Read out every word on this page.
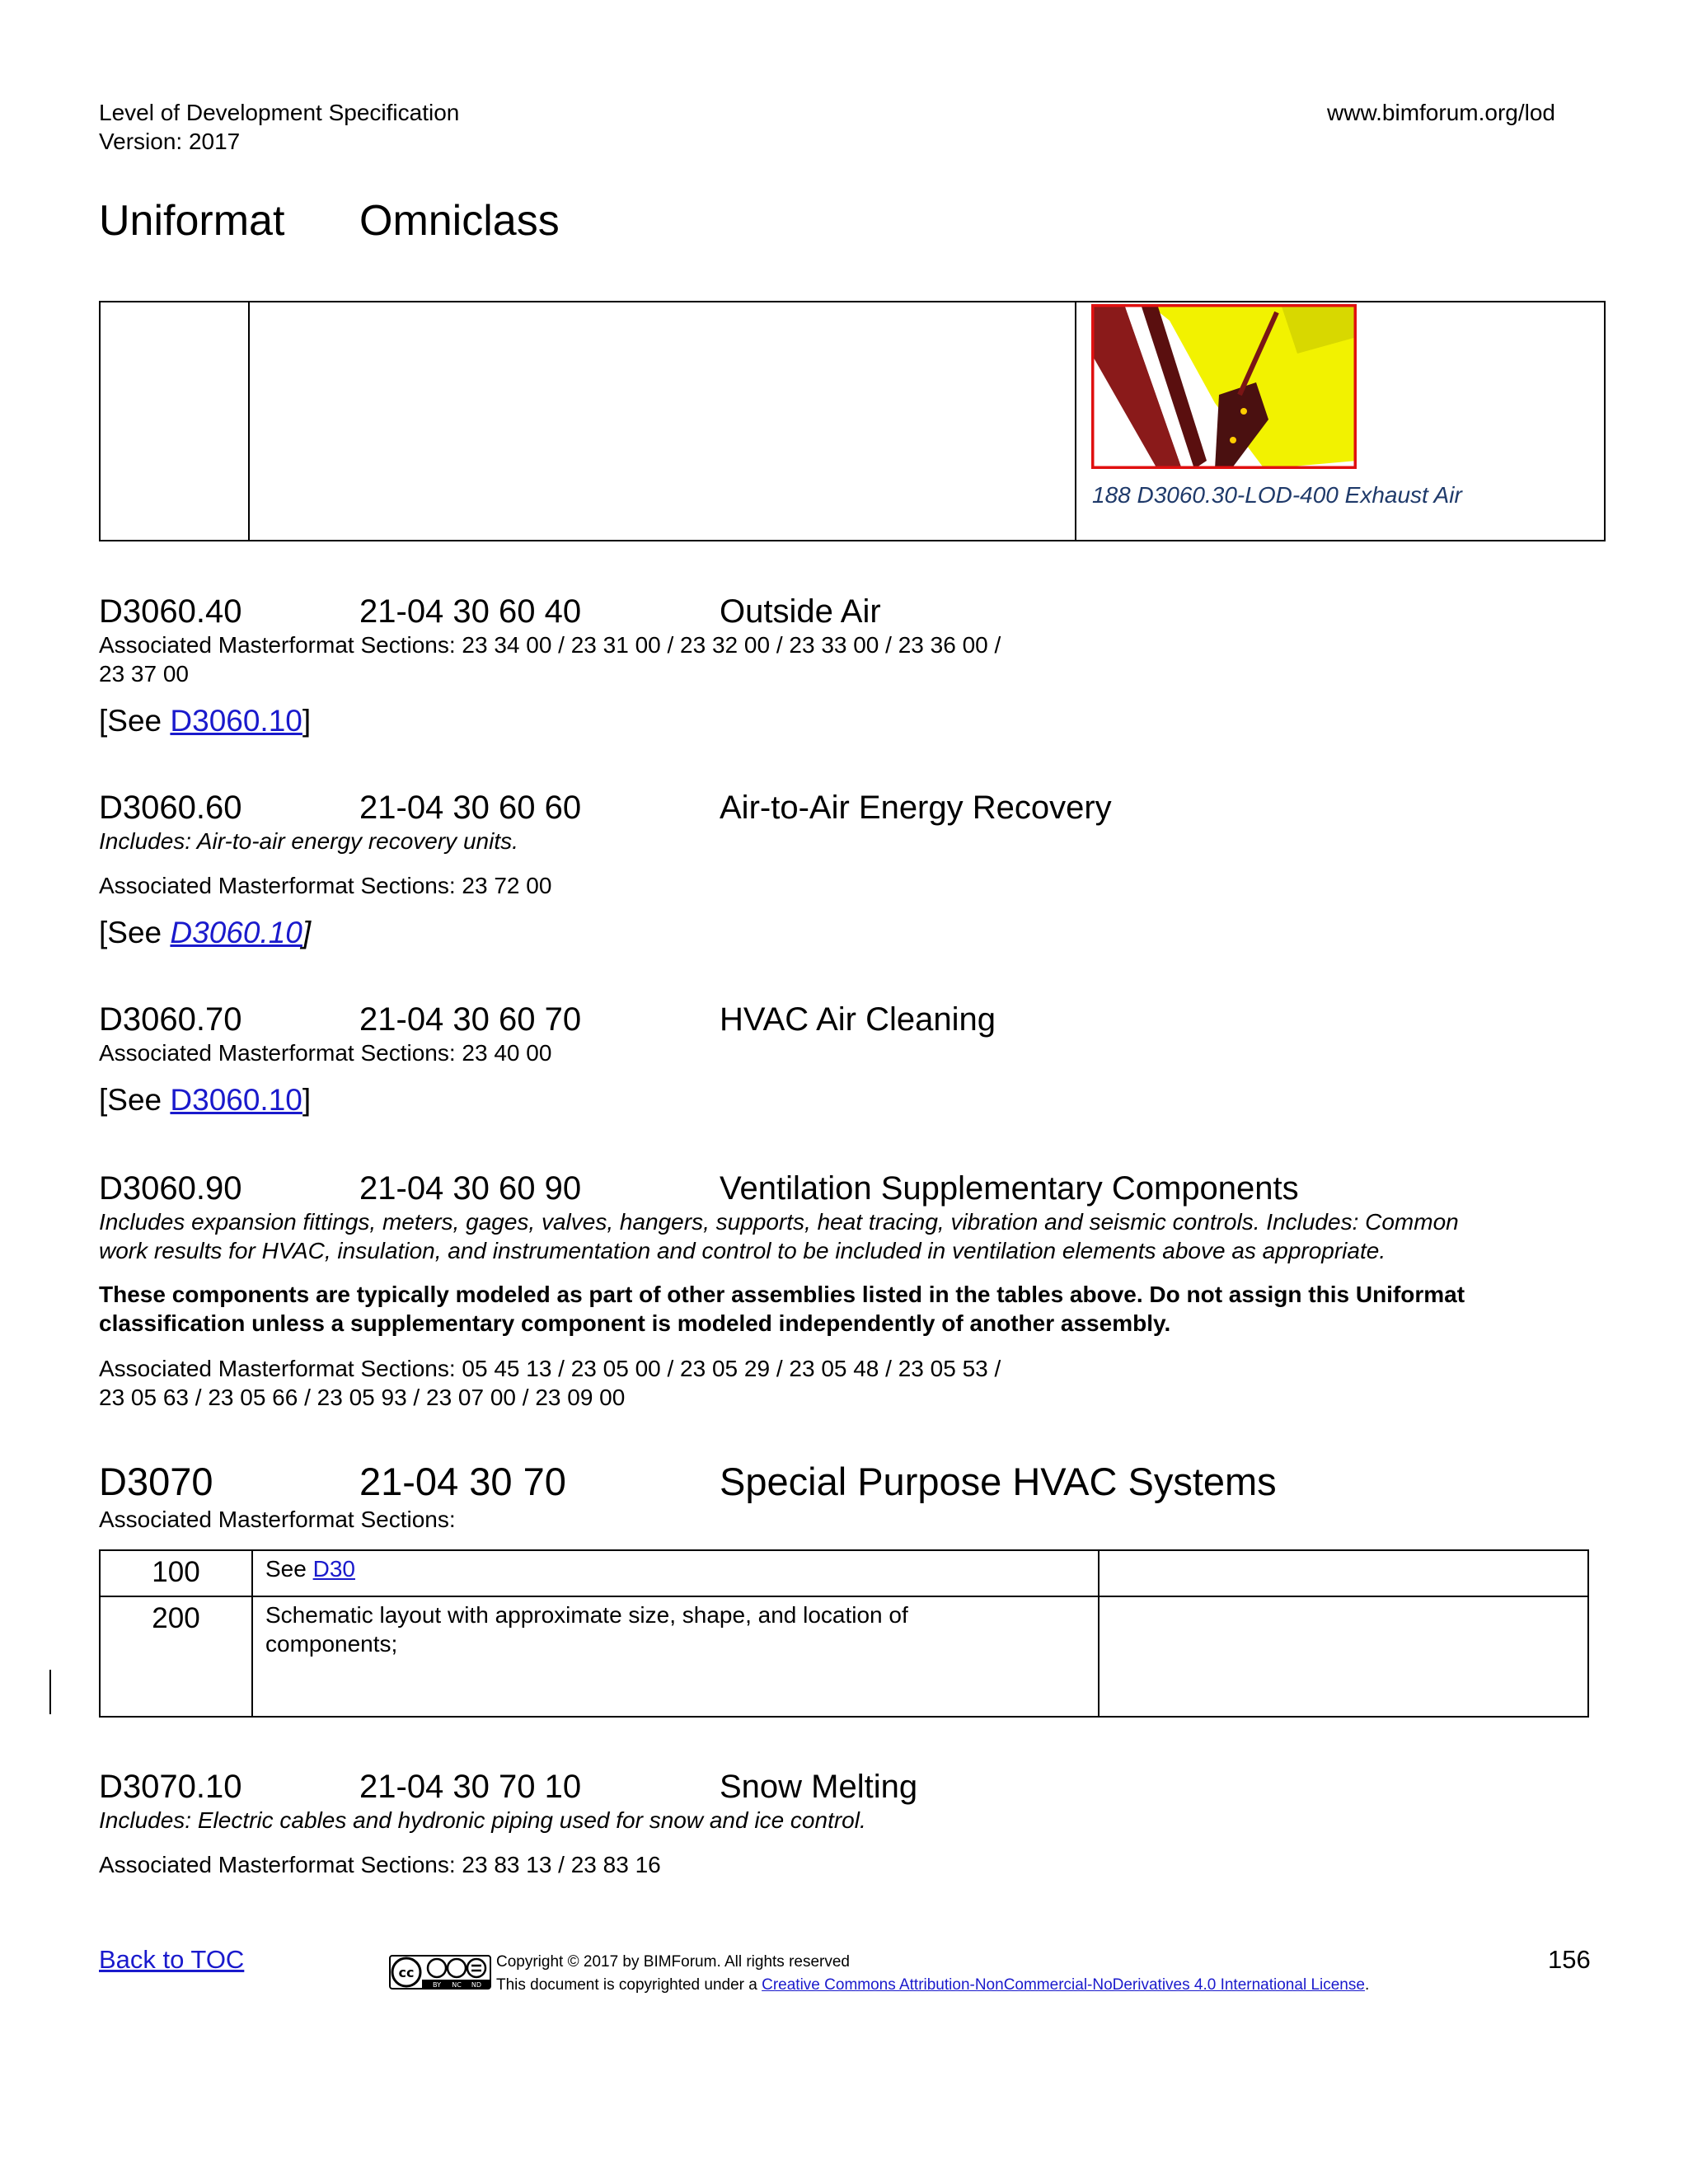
Level of Development Specification
Version: 2017
www.bimforum.org/lod
Uniformat Omniclass
188 D3060.30-LOD-400 Exhaust Air
D3060.40	21-04 30 60 40	Outside Air
Associated Masterformat Sections: 23 34 00 / 23 31 00 / 23 32 00 / 23 33 00 / 23 36 00 /
23 37 00
[See D3060.10]
D3060.60	21-04 30 60 60	Air-to-Air Energy Recovery
Includes: Air-to-air energy recovery units.
Associated Masterformat Sections: 23 72 00
[See D3060.10]
D3060.70	21-04 30 60 70	HVAC Air Cleaning
Associated Masterformat Sections: 23 40 00
[See D3060.10]
D3060.90	21-04 30 60 90	Ventilation Supplementary Components
Includes expansion fittings, meters, gages, valves, hangers, supports, heat tracing, vibration and seismic controls. Includes: Common
work results for HVAC, insulation, and instrumentation and control to be included in ventilation elements above as appropriate.
These components are typically modeled as part of other assemblies listed in the tables above. Do not assign this Uniformat
classification unless a supplementary component is modeled independently of another assembly.
Associated Masterformat Sections: 05 45 13 / 23 05 00 / 23 05 29 / 23 05 48 / 23 05 53 /
23 05 63 / 23 05 66 / 23 05 93 / 23 07 00 / 23 09 00
D3070	21-04 30 70	Special Purpose HVAC Systems
Associated Masterformat Sections:
100	See D30
200	Schematic layout with approximate size, shape, and location of
components;
D3070.10	21-04 30 70 10	Snow Melting
Includes: Electric cables and hydronic piping used for snow and ice control.
Associated Masterformat Sections: 23 83 13 / 23 83 16
Back to TOC	cc
BY NC ND
Copyright © 2017 by BIMForum. All rights reserved
This document is copyrighted under a Creative Commons Attribution-NonCommercial-NoDerivatives 4.0 International License.
156
